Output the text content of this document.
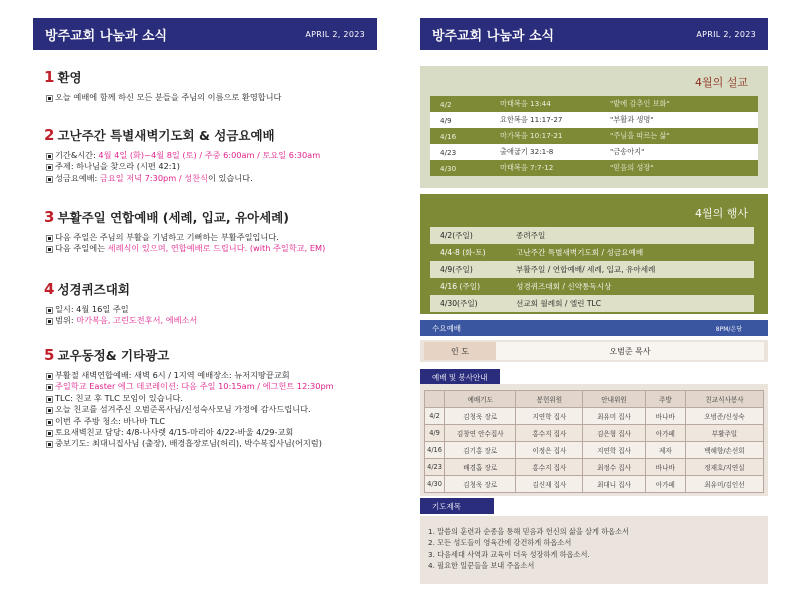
방주교회 나눔과 소식	APRIL 2, 2023
1 환영
오늘 예배에 함께 하신 모든 분들을 주님의 이름으로 환영합니다
2 고난주간 특별새벽기도회 & 성금요예배
기간&시간: 4월 4일 (화)~4월 8일 (토) / 주중 6:00am / 토요일 6:30am
주제: 하나님을 찾으라 (시편 42:1)
성금요예배: 금요일 저녁 7:30pm / 성찬식이 있습니다.
3 부활주일 연합예배 (세례, 입교, 유아세례)
다음 주일은 주님의 부활을 기념하고 기뻐하는 부활주일입니다.
다음 주일에는 세례식이 있으며, 연합예배로 드립니다. (with 주일학교, EM)
4 성경퀴즈대회
일시: 4월 16일 주일
범위: 마가복음, 고린도전후서, 에베소서
5 교우동정& 기타광고
부활절 새벽연합예배: 새벽 6시 / 1지역 예배장소: 뉴저지땅끝교회
주일학교 Easter 에그 데코레이션: 다음 주일 10:15am / 에그헌트 12:30pm
TLC: 친교 후 TLC 모임이 있습니다.
오늘 친교를 섬겨주신 오범준목사님/신성숙사모님 가정에 감사드립니다.
이번 주 주방 청소: 바나바 TLC
토요새벽친교 담당: 4/8-나사렛 4/15-마리아 4/22-바울 4/29-교회
중보기도: 최대니집사님 (출장), 배경흡장로님(허리), 박수복집사님(어지럼)
방주교회 나눔과 소식	APRIL 2, 2023
4월의 설교
4/2	마태복음 13:44	"밭에 감추인 보화"
4/9	요한복음 11:17-27	"부활과 생명"
4/16	마가복음 10:17-21	"주님을 따르는 삶"
4/23	출애굽기 32:1-8	"금송아지"
4/30	마태복음 7:7-12	"믿음의 성장"
4월의 행사
4/2(주일)	종려주일
4/4-8 (화-토)	고난주간 특별새벽기도회 / 성금요예배
4/9(주일)	부활주일 / 연합예배/ 세례, 입교, 유아세례
4/16 (주일)	성경퀴즈대회 / 신약통독시상
4/30(주일)	선교회 월례회 / 엘린 TLC
수요예배	8PM/온당
인 도	오범준 목사
예배 및 봉사안내
	예배기도	봉헌위원	안내위원	주방	친교식사봉사
4/2	김청욱 장로	지연학 집사	최유미 집사	바나바	오범준/신성숙
4/9	김창연 안수집사	홍수지 집사	김은형 집사	아가페	부활주일
4/16	김기홍 장로	이정은 집사	지연학 집사	제자	백혜향/손선희
4/23	배경흡 장로	홍수지 집사	최정수 집사	바나바	정재호/지연실
4/30	김청욱 장로	김신재 집사	최대니 집사	아가페	최유미/김인선
기도제목
1. 말씀의 훈련과 순종을 통해 믿음과 헌신의 삶을 살게 하옵소서
2. 모든 성도들이 영육간에 강건하게 하옵소서
3. 다음세대 사역과 교육이 더욱 성장하게 하옵소서.
4. 필요한 일꾼들을 보내 주옵소서
